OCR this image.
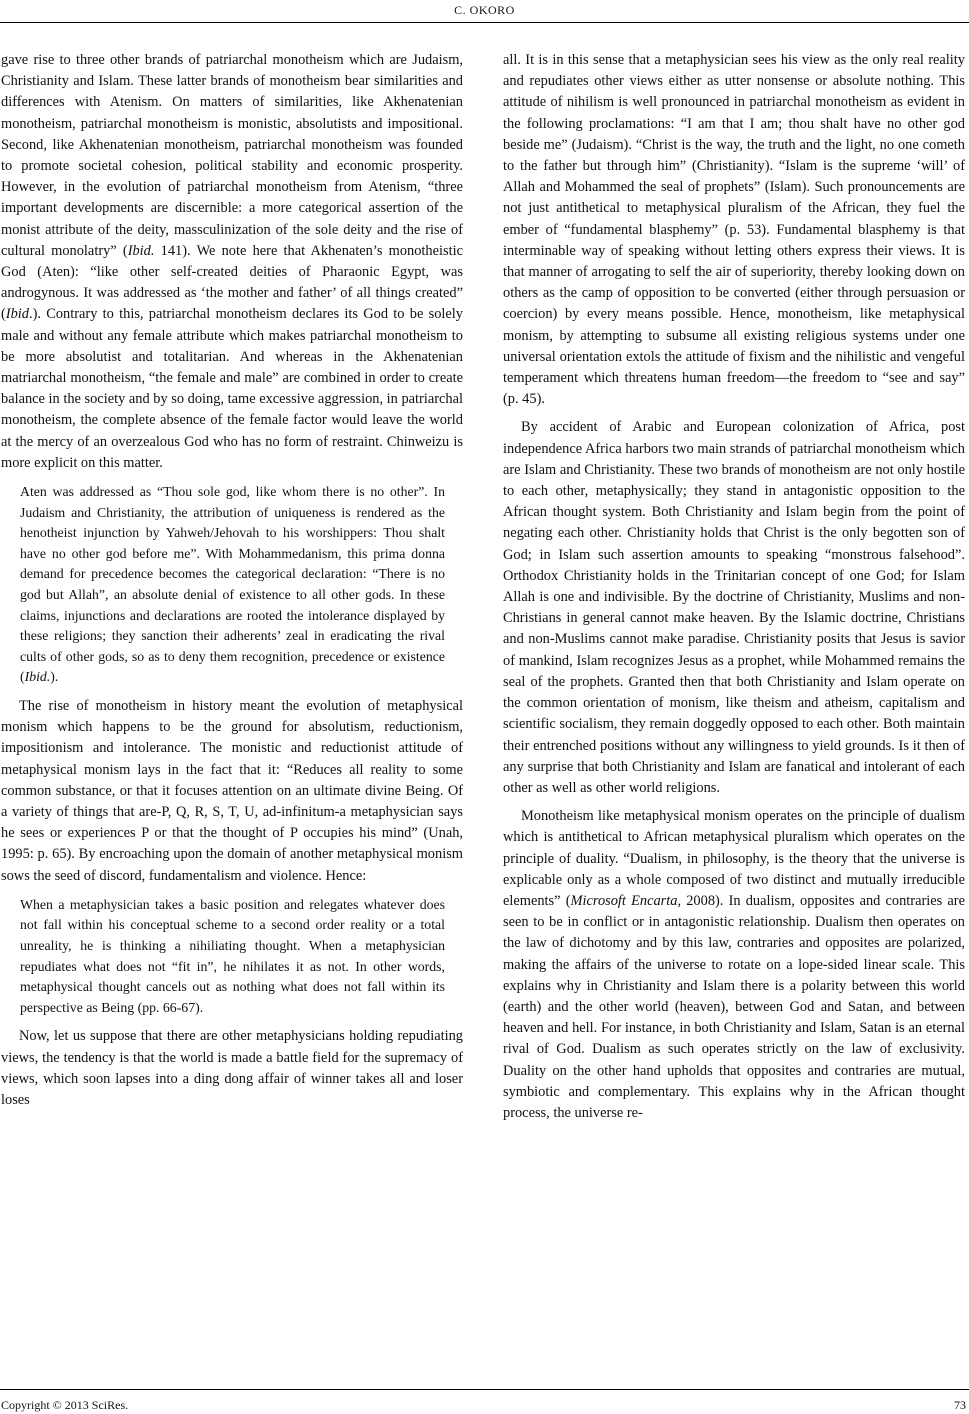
C. OKORO

gave rise to three other brands of patriarchal monotheism which are Judaism, Christianity and Islam. These latter brands of monotheism bear similarities and differences with Atenism. On matters of similarities, like Akhenatenian monotheism, patriarchal monotheism is monistic, absolutists and impositional. Second, like Akhenatenian monotheism, patriarchal monotheism was founded to promote societal cohesion, political stability and economic prosperity. However, in the evolution of patriarchal monotheism from Atenism, “three important developments are discernible: a more categorical assertion of the monist attribute of the deity, massculinization of the sole deity and the rise of cultural monolatry” (Ibid. 141). We note here that Akhenaten’s monotheistic God (Aten): “like other self-created deities of Pharaonic Egypt, was androgynous. It was addressed as ‘the mother and father’ of all things created” (Ibid.). Contrary to this, patriarchal monotheism declares its God to be solely male and without any female attribute which makes patriarchal monotheism to be more absolutist and totalitarian. And whereas in the Akhenatenian matriarchal monotheism, “the female and male” are combined in order to create balance in the society and by so doing, tame excessive aggression, in patriarchal monotheism, the complete absence of the female factor would leave the world at the mercy of an overzealous God who has no form of restraint. Chinweizu is more explicit on this matter.

Aten was addressed as “Thou sole god, like whom there is no other”. In Judaism and Christianity, the attribution of uniqueness is rendered as the henotheist injunction by Yahweh/Jehovah to his worshippers: Thou shalt have no other god before me”. With Mohammedanism, this prima donna demand for precedence becomes the categorical declaration: “There is no god but Allah”, an absolute denial of existence to all other gods. In these claims, injunctions and declarations are rooted the intolerance displayed by these religions; they sanction their adherents’ zeal in eradicating the rival cults of other gods, so as to deny them recognition, precedence or existence (Ibid.).

The rise of monotheism in history meant the evolution of metaphysical monism which happens to be the ground for absolutism, reductionism, impositionism and intolerance. The monistic and reductionist attitude of metaphysical monism lays in the fact that it: “Reduces all reality to some common substance, or that it focuses attention on an ultimate divine Being. Of a variety of things that are-P, Q, R, S, T, U, ad-infinitum-a metaphysician says he sees or experiences P or that the thought of P occupies his mind” (Unah, 1995: p. 65). By encroaching upon the domain of another metaphysical monism sows the seed of discord, fundamentalism and violence. Hence:

When a metaphysician takes a basic position and relegates whatever does not fall within his conceptual scheme to a second order reality or a total unreality, he is thinking a nihiliating thought. When a metaphysician repudiates what does not “fit in”, he nihilates it as not. In other words, metaphysical thought cancels out as nothing what does not fall within its perspective as Being (pp. 66-67).

Now, let us suppose that there are other metaphysicians holding repudiating views, the tendency is that the world is made a battle field for the supremacy of views, which soon lapses into a ding dong affair of winner takes all and loser loses

all. It is in this sense that a metaphysician sees his view as the only real reality and repudiates other views either as utter nonsense or absolute nothing. This attitude of nihilism is well pronounced in patriarchal monotheism as evident in the following proclamations: “I am that I am; thou shalt have no other god beside me” (Judaism). “Christ is the way, the truth and the light, no one cometh to the father but through him” (Christianity). “Islam is the supreme ‘will’ of Allah and Mohammed the seal of prophets” (Islam). Such pronouncements are not just antithetical to metaphysical pluralism of the African, they fuel the ember of “fundamental blasphemy” (p. 53). Fundamental blasphemy is that interminable way of speaking without letting others express their views. It is that manner of arrogating to self the air of superiority, thereby looking down on others as the camp of opposition to be converted (either through persuasion or coercion) by every means possible. Hence, monotheism, like metaphysical monism, by attempting to subsume all existing religious systems under one universal orientation extols the attitude of fixism and the nihilistic and vengeful temperament which threatens human freedom—the freedom to “see and say” (p. 45).

By accident of Arabic and European colonization of Africa, post independence Africa harbors two main strands of patriarchal monotheism which are Islam and Christianity. These two brands of monotheism are not only hostile to each other, metaphysically; they stand in antagonistic opposition to the African thought system. Both Christianity and Islam begin from the point of negating each other. Christianity holds that Christ is the only begotten son of God; in Islam such assertion amounts to speaking “monstrous falsehood”. Orthodox Christianity holds in the Trinitarian concept of one God; for Islam Allah is one and indivisible. By the doctrine of Christianity, Muslims and non-Christians in general cannot make heaven. By the Islamic doctrine, Christians and non-Muslims cannot make paradise. Christianity posits that Jesus is savior of mankind, Islam recognizes Jesus as a prophet, while Mohammed remains the seal of the prophets. Granted then that both Christianity and Islam operate on the common orientation of monism, like theism and atheism, capitalism and scientific socialism, they remain doggedly opposed to each other. Both maintain their entrenched positions without any willingness to yield grounds. Is it then of any surprise that both Christianity and Islam are fanatical and intolerant of each other as well as other world religions.

Monotheism like metaphysical monism operates on the principle of dualism which is antithetical to African metaphysical pluralism which operates on the principle of duality. “Dualism, in philosophy, is the theory that the universe is explicable only as a whole composed of two distinct and mutually irreducible elements” (Microsoft Encarta, 2008). In dualism, opposites and contraries are seen to be in conflict or in antagonistic relationship. Dualism then operates on the law of dichotomy and by this law, contraries and opposites are polarized, making the affairs of the universe to rotate on a lope-sided linear scale. This explains why in Christianity and Islam there is a polarity between this world (earth) and the other world (heaven), between God and Satan, and between heaven and hell. For instance, in both Christianity and Islam, Satan is an eternal rival of God. Dualism as such operates strictly on the law of exclusivity. Duality on the other hand upholds that opposites and contraries are mutual, symbiotic and complementary. This explains why in the African thought process, the universe re-

Copyright © 2013 SciRes.	73
